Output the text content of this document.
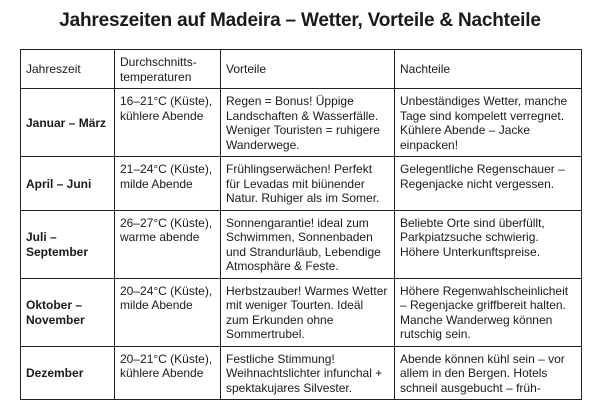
Jahreszeiten auf Madeira – Wetter, Vorteile & Nachteile
Jahreszeit	Durchschnitts-temperaturen	Vorteile	Nachteile
Januar – März	16–21°C (Küste), kühlere Abende	Regen = Bonus! Üppige Landschaften & Wasserfälle. Weniger Touristen = ruhigere Wanderwege.	Unbeständiges Wetter, manche Tage sind kompelett verregnet. Kühlere Abende – Jacke einpacken!
April – Juni	21–24°C (Küste), milde Abende	Frühlingserwächen! Perfekt für Levadas mit biünender Natur. Ruhiger als im Somer.	Gelegentliche Regenschauer – Regenjacke nicht vergessen.
Juli – September	26–27°C (Küste), warme abende	Sonnengarantie! ideal zum Schwimmen, Sonnenbaden und Strandurläub, Lebendige Atmosphäre & Feste.	Beliebte Orte sind überfüllt, Parkpiatzsuche schwierig. Höhere Unterkunftspreise.
Oktober – November	20–24°C (Küste), milde Abende	Herbstzauber! Warmes Wetter mit weniger Tourten. Ideäl zum Erkunden ohne Sommertrubel.	Höhere Regenwahlscheinlicheit – Regenjacke griffbereit halten. Manche Wanderweg können rutschig sein.
Dezember	20–21°C (Küste), kühlere Abende	Festliche Stimmung! Weihnachtslichter infunchal + spektakujares Silvester.	Abende können kühl sein – vor allem in den Bergen. Hotels schneil ausgebucht – früh-
